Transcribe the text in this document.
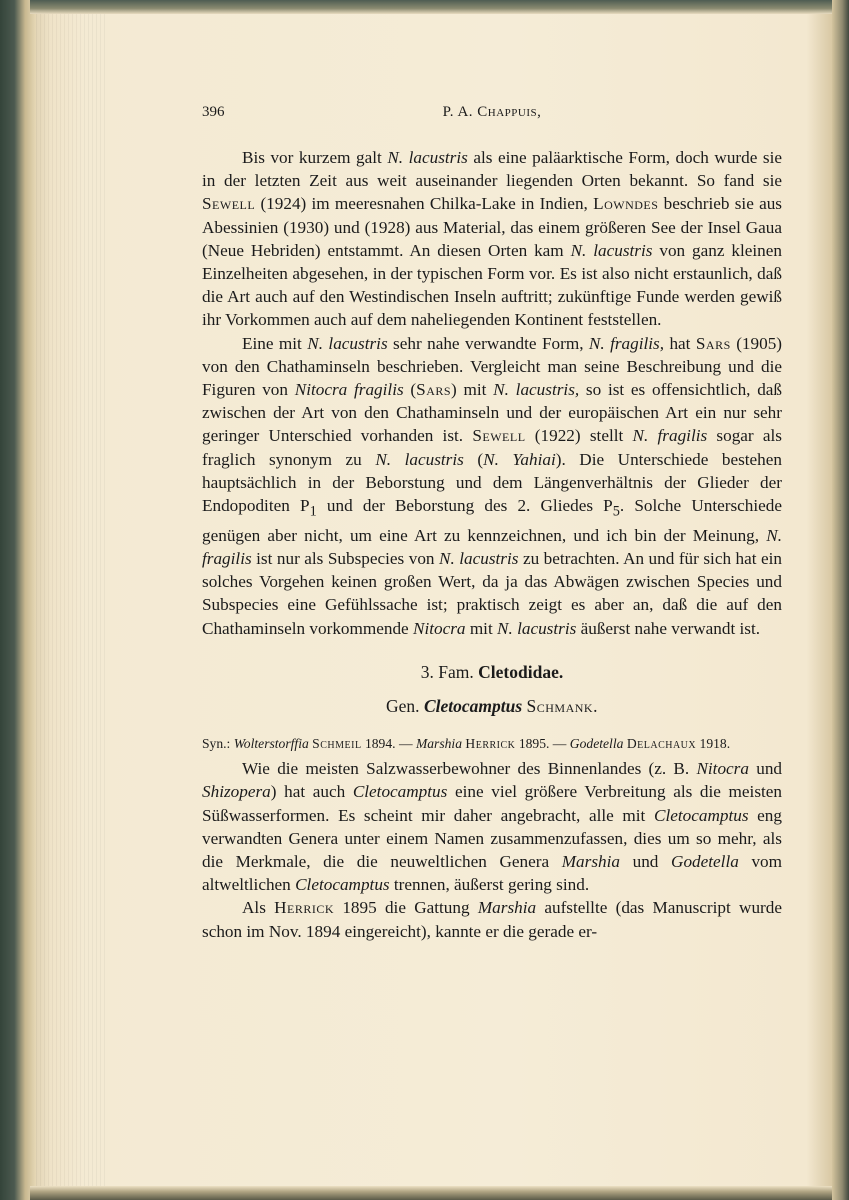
396	P. A. Chappuis,

Bis vor kurzem galt N. lacustris als eine paläarktische Form, doch wurde sie in der letzten Zeit aus weit auseinander liegenden Orten bekannt. So fand sie Sewell (1924) im meeresnahen Chilka-Lake in Indien, Lowndes beschrieb sie aus Abessinien (1930) und (1928) aus Material, das einem größeren See der Insel Gaua (Neue Hebriden) entstammt. An diesen Orten kam N. lacustris von ganz kleinen Einzelheiten abgesehen, in der typischen Form vor. Es ist also nicht erstaunlich, daß die Art auch auf den Westindischen Inseln auftritt; zukünftige Funde werden gewiß ihr Vorkommen auch auf dem naheliegenden Kontinent feststellen.

Eine mit N. lacustris sehr nahe verwandte Form, N. fragilis, hat Sars (1905) von den Chathaminseln beschrieben. Vergleicht man seine Beschreibung und die Figuren von Nitocra fragilis (Sars) mit N. lacustris, so ist es offensichtlich, daß zwischen der Art von den Chathaminseln und der europäischen Art ein nur sehr geringer Unterschied vorhanden ist. Sewell (1922) stellt N. fragilis sogar als fraglich synonym zu N. lacustris (N. Yahiai). Die Unterschiede bestehen hauptsächlich in der Beborstung und dem Längenverhältnis der Glieder der Endopoditen $P_1$ und der Beborstung des 2. Gliedes $P_5$. Solche Unterschiede genügen aber nicht, um eine Art zu kennzeichnen, und ich bin der Meinung, N. fragilis ist nur als Subspecies von N. lacustris zu betrachten. An und für sich hat ein solches Vorgehen keinen großen Wert, da ja das Abwägen zwischen Species und Subspecies eine Gefühlssache ist; praktisch zeigt es aber an, daß die auf den Chathaminseln vorkommende Nitocra mit N. lacustris äußerst nahe verwandt ist.

3. Fam. Cletodidae.

Gen. Cletocamptus Schmank.

Syn.: Wolterstorffia Schmeil 1894. — Marshia Herrick 1895. — Godetella Delachaux 1918.

Wie die meisten Salzwasserbewohner des Binnenlandes (z. B. Nitocra und Shizopera) hat auch Cletocamptus eine viel größere Verbreitung als die meisten Süßwasserformen. Es scheint mir daher angebracht, alle mit Cletocamptus eng verwandten Genera unter einem Namen zusammenzufassen, dies um so mehr, als die Merkmale, die die neuweltlichen Genera Marshia und Godetella vom altweltlichen Cletocamptus trennen, äußerst gering sind.

Als Herrick 1895 die Gattung Marshia aufstellte (das Manuscript wurde schon im Nov. 1894 eingereicht), kannte er die gerade er-
